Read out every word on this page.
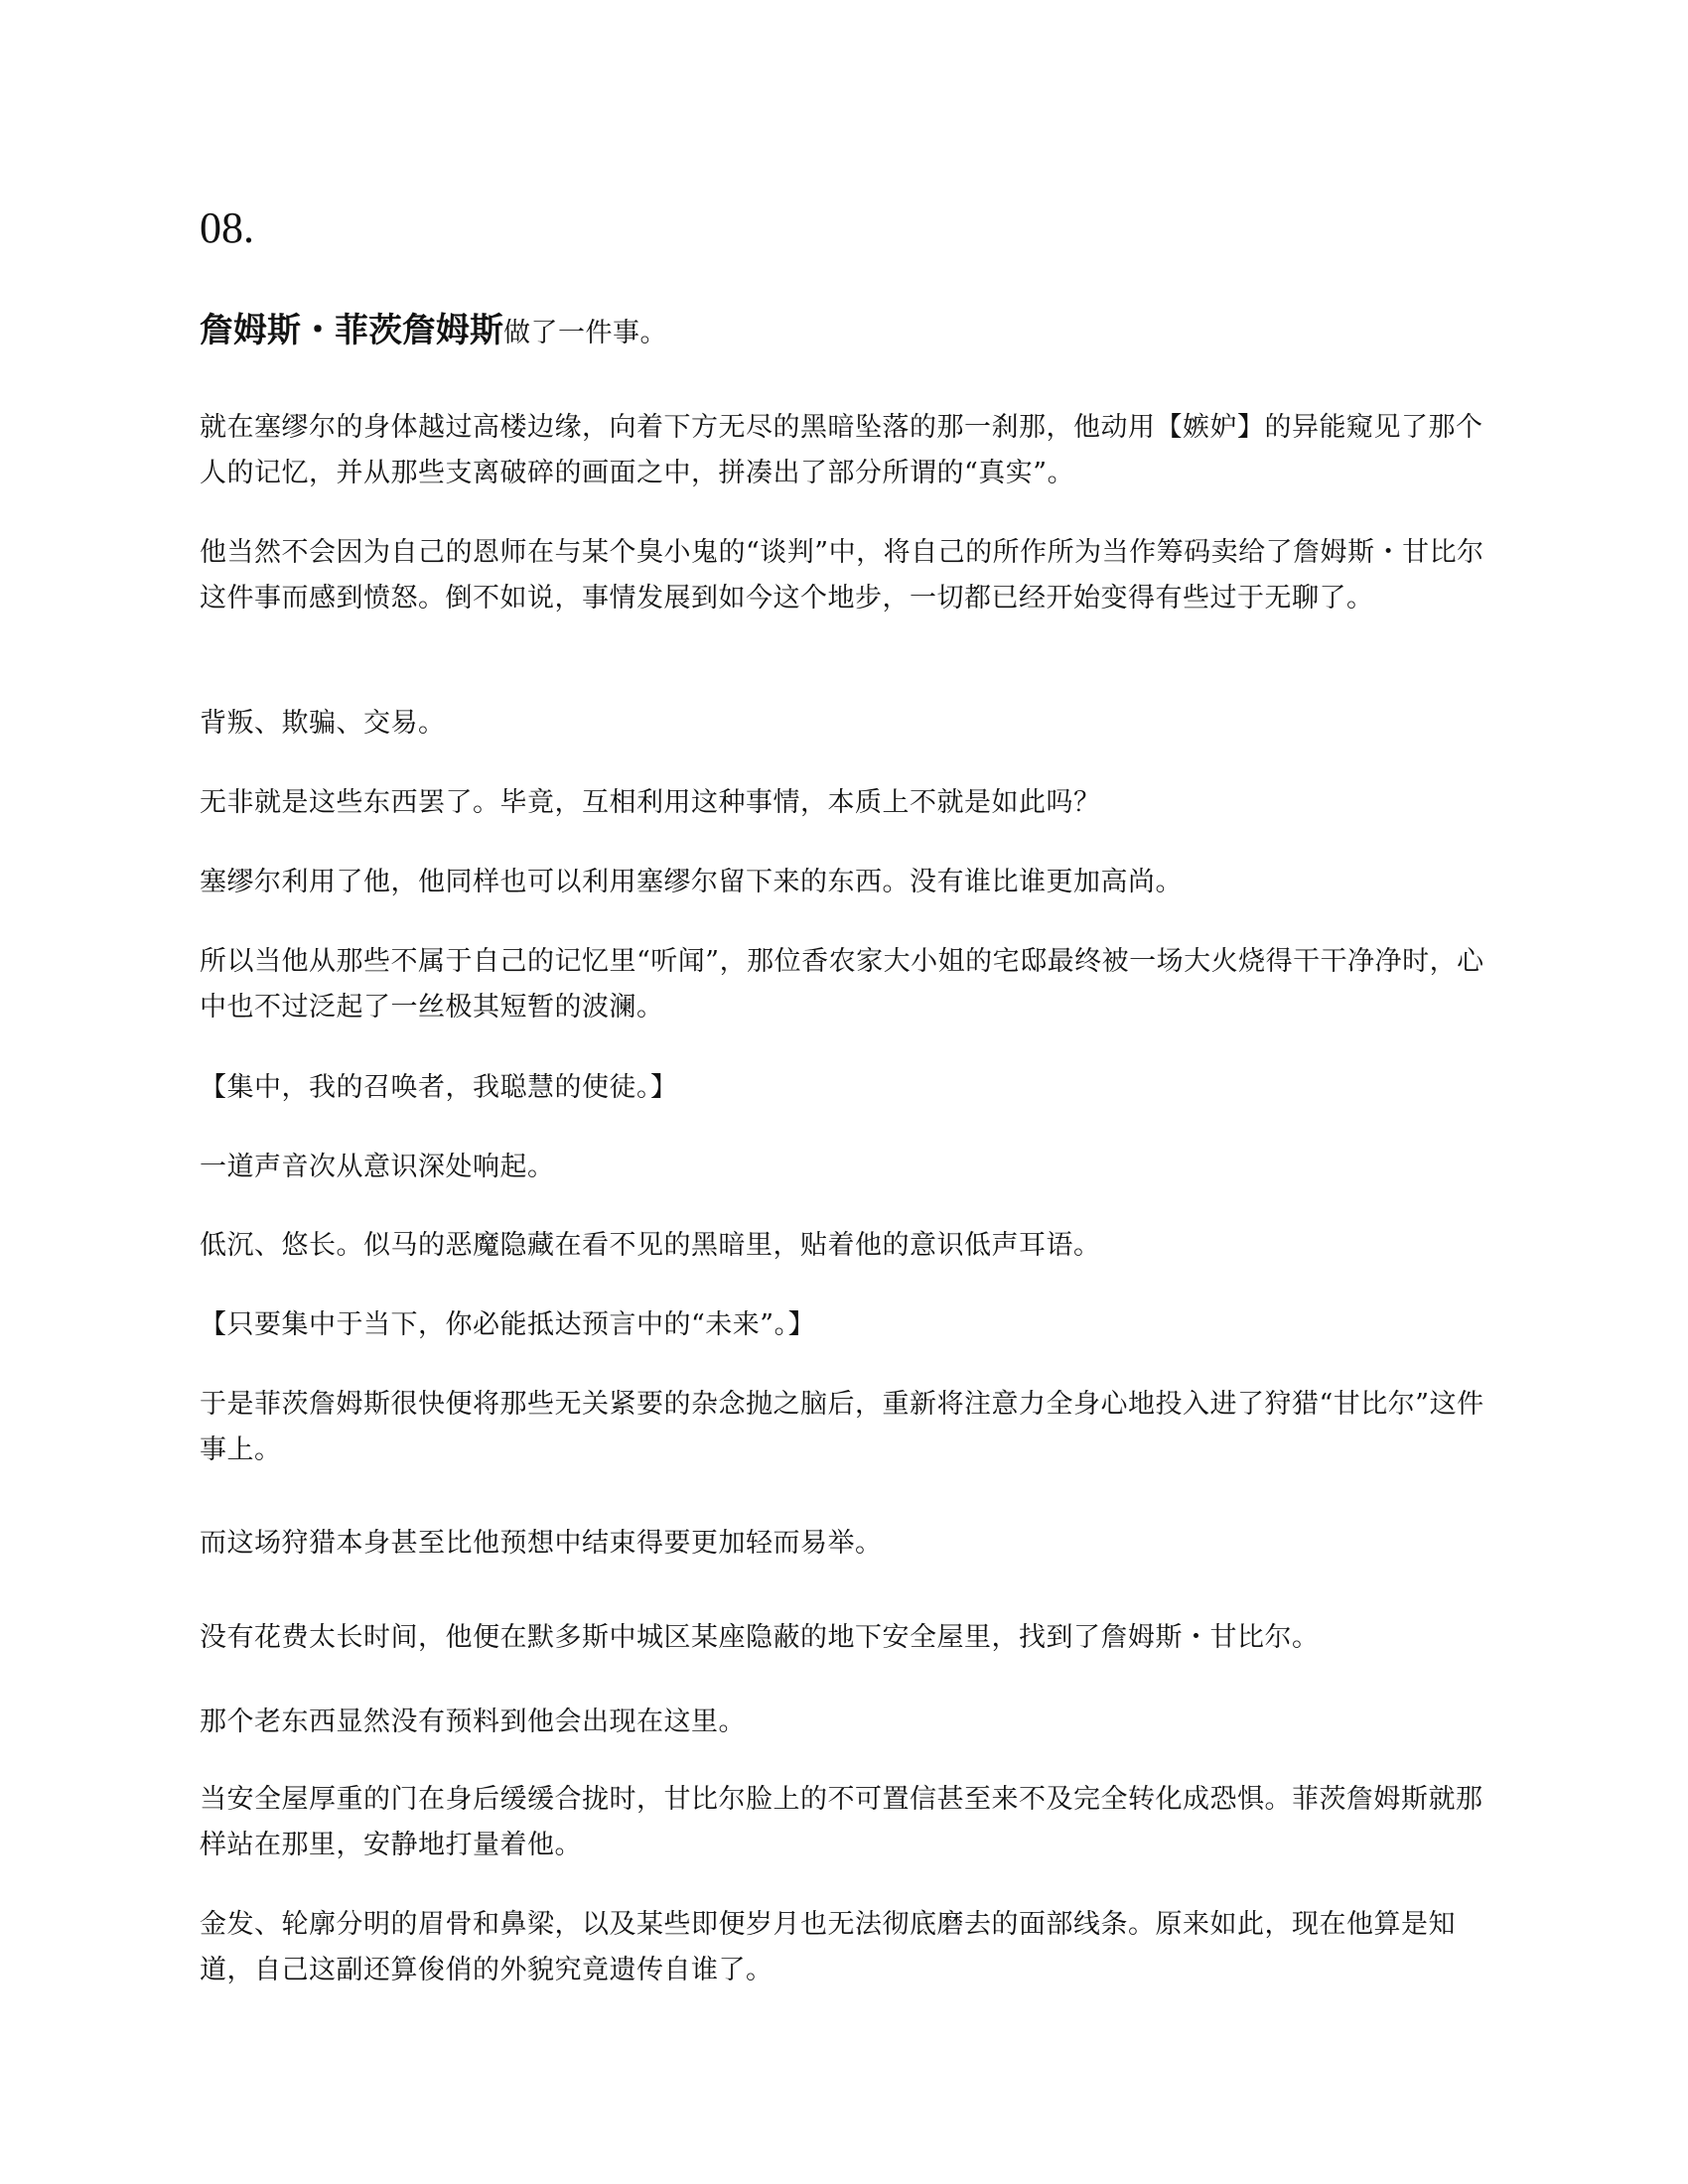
08.

詹姆斯・菲茨詹姆斯做了一件事。

就在塞缪尔的身体越过高楼边缘，向着下方无尽的黑暗坠落的那一刹那，他动用【嫉妒】的异能窥见了那个人的记忆，并从那些支离破碎的画面之中，拼凑出了部分所谓的“真实”。

他当然不会因为自己的恩师在与某个臭小鬼的“谈判”中，将自己的所作所为当作筹码卖给了詹姆斯・甘比尔这件事而感到愤怒。倒不如说，事情发展到如今这个地步，一切都已经开始变得有些过于无聊了。

背叛、欺骗、交易。

无非就是这些东西罢了。毕竟，互相利用这种事情，本质上不就是如此吗？

塞缪尔利用了他，他同样也可以利用塞缪尔留下来的东西。没有谁比谁更加高尚。

所以当他从那些不属于自己的记忆里“听闻”，那位香农家大小姐的宅邸最终被一场大火烧得干干净净时，心中也不过泛起了一丝极其短暂的波澜。

【集中，我的召唤者，我聪慧的使徒。】

一道声音次从意识深处响起。

低沉、悠长。似马的恶魔隐藏在看不见的黑暗里，贴着他的意识低声耳语。

【只要集中于当下，你必能抵达预言中的“未来”。】

于是菲茨詹姆斯很快便将那些无关紧要的杂念抛之脑后，重新将注意力全身心地投入进了狩猎“甘比尔”这件事上。

而这场狩猎本身甚至比他预想中结束得要更加轻而易举。

没有花费太长时间，他便在默多斯中城区某座隐蔽的地下安全屋里，找到了詹姆斯・甘比尔。

那个老东西显然没有预料到他会出现在这里。

当安全屋厚重的门在身后缓缓合拢时，甘比尔脸上的不可置信甚至来不及完全转化成恐惧。菲茨詹姆斯就那样站在那里，安静地打量着他。

金发、轮廓分明的眉骨和鼻梁，以及某些即便岁月也无法彻底磨去的面部线条。原来如此，现在他算是知道，自己这副还算俊俏的外貌究竟遗传自谁了。
